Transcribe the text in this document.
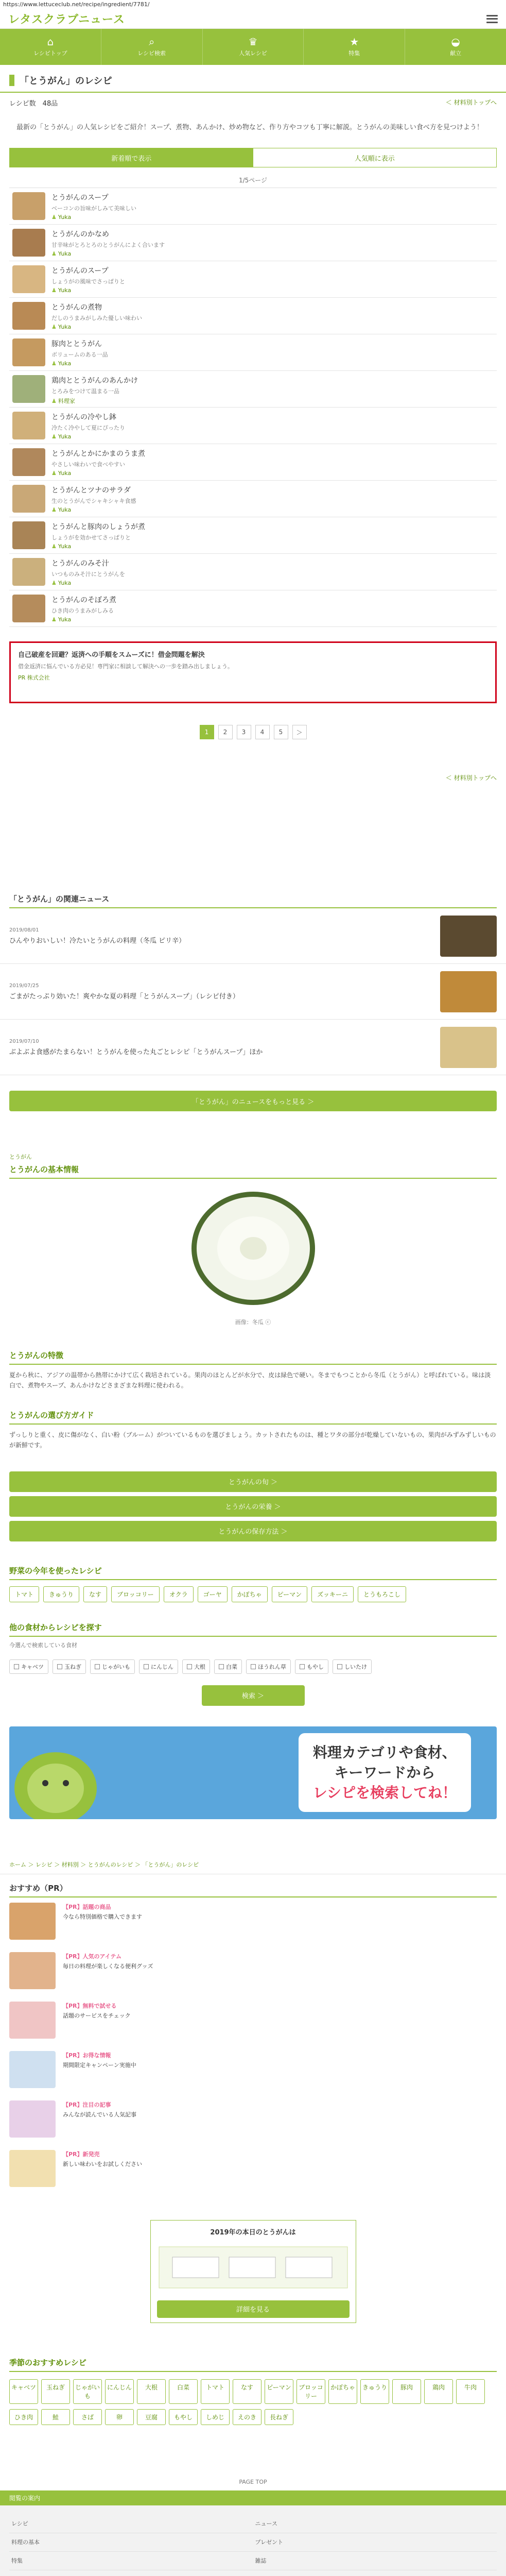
https://www.lettuceclub.net/recipe/ingredient/7781/
レタスクラブニュース
⌂
レシピトップ
⌕
レシピ検索
♛
人気レシピ
★
特集
◒
献立
「とうがん」のレシピ
レシピ数　48品	＜ 材料別トップへ

最新の「とうがん」の人気レシピをご紹介！スープ、煮物、あんかけ、炒め物など、作り方やコツも丁寧に解説。とうがんの美味しい食べ方を見つけよう！

新着順で表示	人気順に表示
1/5ページ
とうがんのスープ
ベーコンの旨味がしみて美味しい
♟ Yuka
とうがんのかなめ
甘辛味がとろとろのとうがんによく合います
♟ Yuka
とうがんのスープ
しょうがの風味でさっぱりと
♟ Yuka
とうがんの煮物
だしのうまみがしみた優しい味わい
♟ Yuka
豚肉ととうがん
ボリュームのある一品
♟ Yuka
鶏肉ととうがんのあんかけ
とろみをつけて温まる一品
♟ 料理家
とうがんの冷やし鉢
冷たく冷やして夏にぴったり
♟ Yuka
とうがんとかにかまのうま煮
やさしい味わいで食べやすい
♟ Yuka
とうがんとツナのサラダ
生のとうがんでシャキシャキ食感
♟ Yuka
とうがんと豚肉のしょうが煮
しょうがを効かせてさっぱりと
♟ Yuka
とうがんのみそ汁
いつものみそ汁にとうがんを
♟ Yuka
とうがんのそぼろ煮
ひき肉のうまみがしみる
♟ Yuka
自己破産を回避？返済への手順をスムーズに！借金問題を解決
借金返済に悩んでいる方必見！専門家に相談して解決への一歩を踏み出しましょう。
PR 株式会社
1	2	3	4	5	＞
＜ 材料別トップへ
「とうがん」の関連ニュース
2019/08/01
ひんやりおいしい！冷たいとうがんの料理（冬瓜 ピリ辛）
2019/07/25
ごまがたっぷり効いた！爽やかな夏の料理「とうがんスープ」（レシピ付き）
2019/07/10
ぶよぶよ食感がたまらない！とうがんを使った丸ごとレシピ「とうがんスープ」ほか
「とうがん」のニュースをもっと見る ＞
とうがん
とうがんの基本情報
画像：冬瓜 ⓒ
とうがんの特徴

夏から秋に、アジアの温帯から熱帯にかけて広く栽培されている。果肉のほとんどが水分で、皮は緑色で硬い。冬までもつことから冬瓜（とうがん）と呼ばれている。味は淡白で、煮物やスープ、あんかけなどさまざまな料理に使われる。

とうがんの選び方ガイド

ずっしりと重く、皮に傷がなく、白い粉（ブルーム）がついているものを選びましょう。カットされたものは、種とワタの部分が乾燥していないもの、果肉がみずみずしいものが新鮮です。

とうがんの旬 ＞
とうがんの栄養 ＞
とうがんの保存方法 ＞
野菜の今年を使ったレシピ
トマト	きゅうり	なす	ブロッコリー	オクラ	ゴーヤ	かぼちゃ	ピーマン	ズッキーニ	とうもろこし
他の食材からレシピを探す
今選んで検索している食材
キャベツ	玉ねぎ	じゃがいも	にんじん	大根	白菜	ほうれん草	もやし	しいたけ
検索 ＞
料理カテゴリや食材、
キーワードから
レシピを検索してね！
ホーム ＞ レシピ ＞ 材料別 ＞ とうがんのレシピ ＞ 「とうがん」のレシピ
おすすめ（PR）
【PR】話題の商品
今なら特別価格で購入できます
【PR】人気のアイテム
毎日の料理が楽しくなる便利グッズ
【PR】無料で試せる
話題のサービスをチェック
【PR】お得な情報
期間限定キャンペーン実施中
【PR】注目の記事
みんなが読んでいる人気記事
【PR】新発売
新しい味わいをお試しください
2019年の本日のとうがんは
詳細を見る
季節のおすすめレシピ
キャベツ	玉ねぎ	じゃがいも
にんじん	大根	白菜	トマト	なす	ピーマン	ブロッコリー
かぼちゃ	きゅうり	豚肉	鶏肉	牛肉
ひき肉	鮭	さば	卵	豆腐	もやし	しめじ	えのき	長ねぎ
PAGE TOP
閲覧の案内
レシピ	ニュース
料理の基本	プレゼント
特集	雑誌
